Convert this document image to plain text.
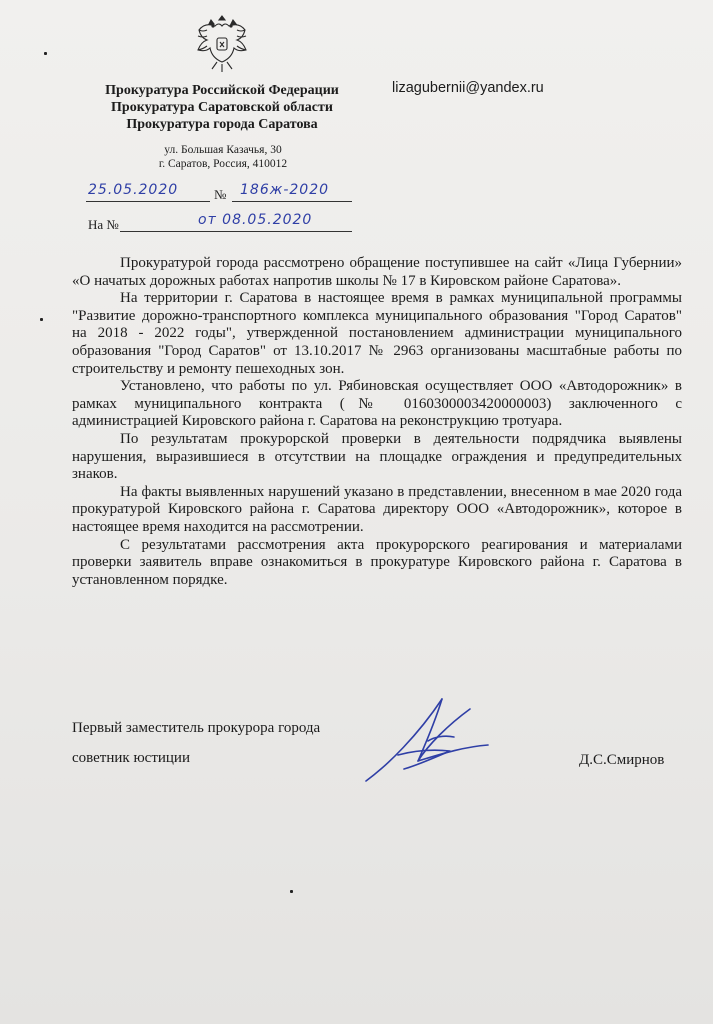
Прокуратура Российской Федерации
Прокуратура Саратовской области
Прокуратура города Саратова
lizagubernii@yandex.ru
ул. Большая Казачья, 30
г. Саратов, Россия, 410012
25.05.2020	№ 186ж-2020
На №	от 08.05.2020

Прокуратурой города рассмотрено обращение поступившее на сайт «Лица Губернии» «О начатых дорожных работах напротив школы № 17 в Кировском районе Саратова».

На территории г. Саратова в настоящее время в рамках муниципальной программы "Развитие дорожно-транспортного комплекса муниципального образования "Город Саратов" на 2018 - 2022 годы", утвержденной постановлением администрации муниципального образования "Город Саратов" от 13.10.2017 № 2963 организованы масштабные работы по строительству и ремонту пешеходных зон.

Установлено, что работы по ул. Рябиновская осуществляет ООО «Автодорожник» в рамках муниципального контракта (№ 0160300003420000003) заключенного с администрацией Кировского района г. Саратова на реконструкцию тротуара.

По результатам прокурорской проверки в деятельности подрядчика выявлены нарушения, выразившиеся в отсутствии на площадке ограждения и предупредительных знаков.

На факты выявленных нарушений указано в представлении, внесенном в мае 2020 года прокуратурой Кировского района г. Саратова директору ООО «Автодорожник», которое в настоящее время находится на рассмотрении.

С результатами рассмотрения акта прокурорского реагирования и материалами проверки заявитель вправе ознакомиться в прокуратуре Кировского района г. Саратова в установленном порядке.

Первый заместитель прокурора города
советник юстиции	Д.С.Смирнов
